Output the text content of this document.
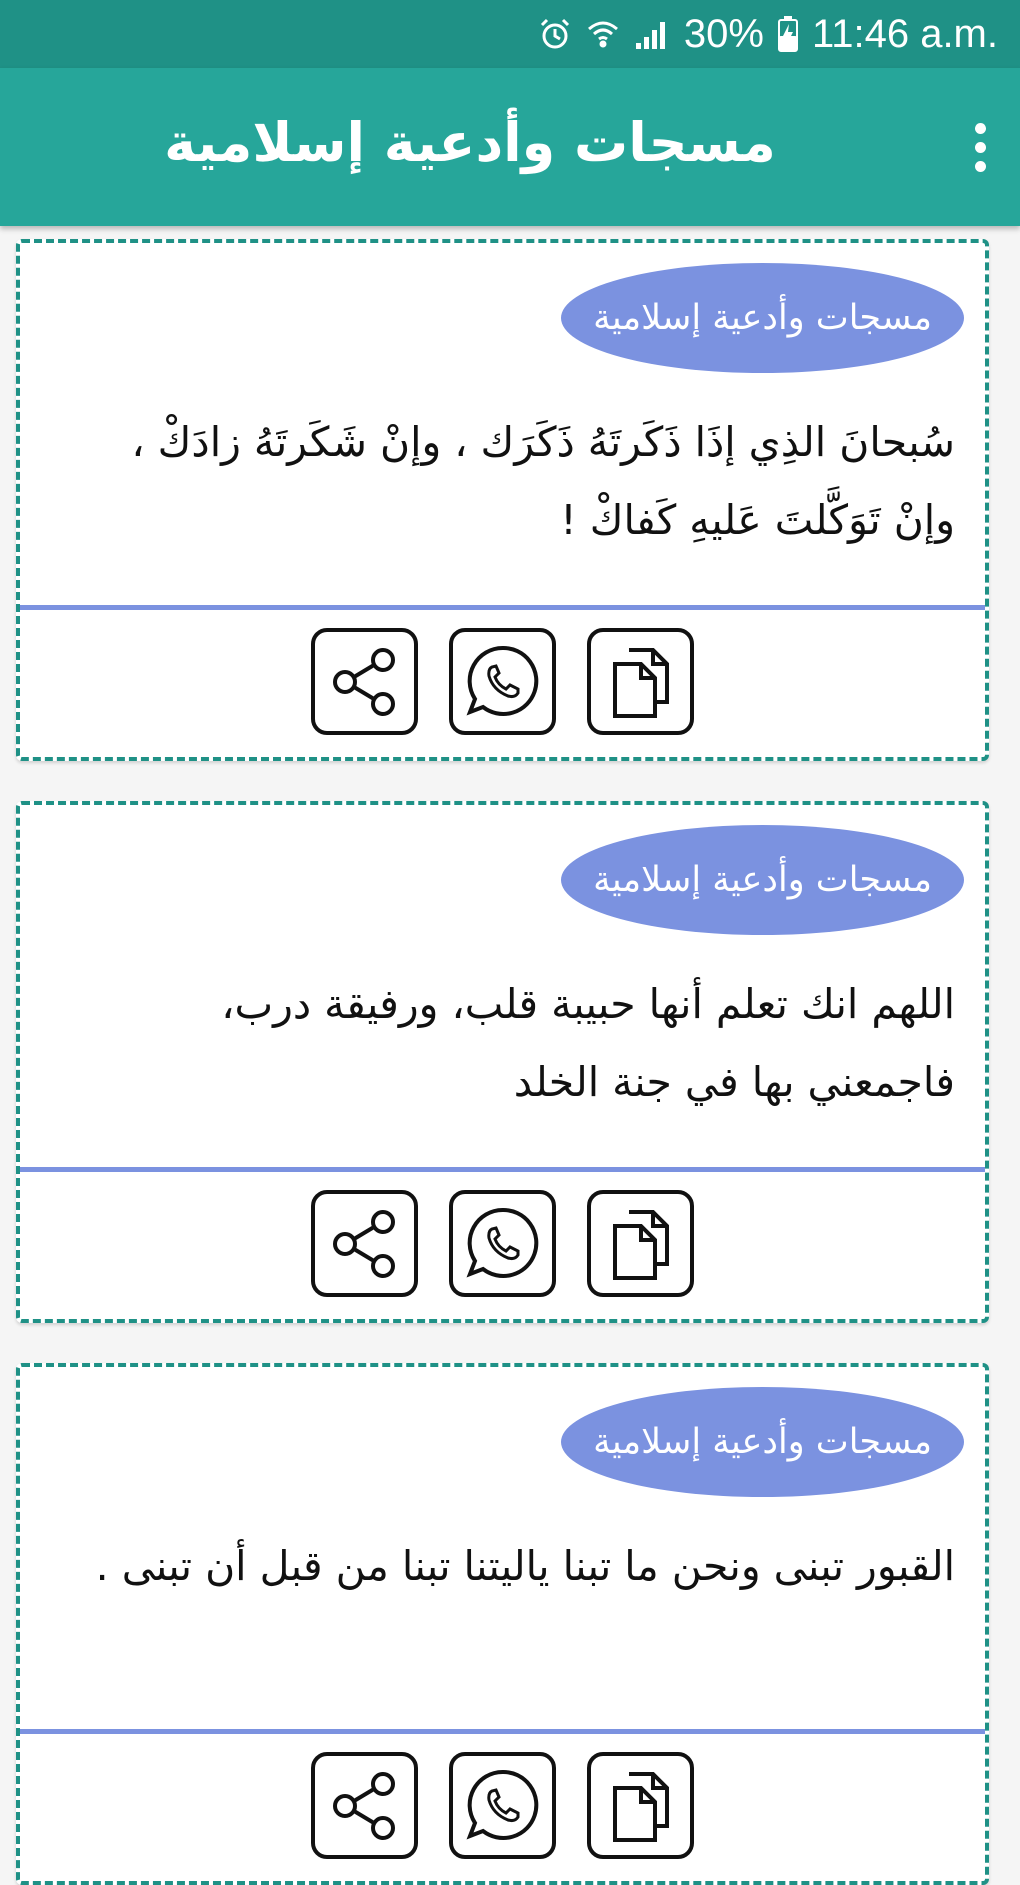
30% 11:46 a.m.
مسجات وأدعية إسلامية
مسجات وأدعية إسلامية
سُبحانَ الذِي إذَا ذَكَرتَهُ ذَكَرَك ، وإنْ شَكَرتَهُ زادَكْ ، وإنْ تَوَكَّلتَ عَليهِ كَفاكْ !
مسجات وأدعية إسلامية
اللهم انك تعلم أنها حبيبة قلب، ورفيقة درب، فاجمعني بها في جنة الخلد
مسجات وأدعية إسلامية
القبور تبنى ونحن ما تبنا ياليتنا تبنا من قبل أن تبنى .
